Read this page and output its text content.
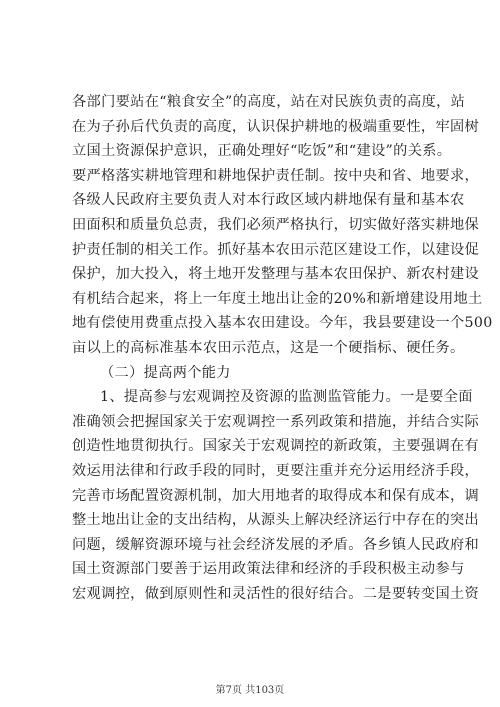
各部门要站在“粮食安全”的高度，站在对民族负责的高度，站
在为子孙后代负责的高度，认识保护耕地的极端重要性，牢固树
立国土资源保护意识，正确处理好“吃饭”和“建设”的关系。
要严格落实耕地管理和耕地保护责任制。按中央和省、地要求，
各级人民政府主要负责人对本行政区域内耕地保有量和基本农
田面积和质量负总责，我们必须严格执行，切实做好落实耕地保
护责任制的相关工作。抓好基本农田示范区建设工作，以建设促
保护，加大投入，将土地开发整理与基本农田保护、新农村建设
有机结合起来，将上一年度土地出让金的20%和新增建设用地土
地有偿使用费重点投入基本农田建设。今年，我县要建设一个500
亩以上的高标准基本农田示范点，这是一个硬指标、硬任务。
（二）提高两个能力
1、提高参与宏观调控及资源的监测监管能力。一是要全面
准确领会把握国家关于宏观调控一系列政策和措施，并结合实际
创造性地贯彻执行。国家关于宏观调控的新政策，主要强调在有
效运用法律和行政手段的同时，更要注重并充分运用经济手段，
完善市场配置资源机制，加大用地者的取得成本和保有成本，调
整土地出让金的支出结构，从源头上解决经济运行中存在的突出
问题，缓解资源环境与社会经济发展的矛盾。各乡镇人民政府和
国土资源部门要善于运用政策法律和经济的手段积极主动参与
宏观调控，做到原则性和灵活性的很好结合。二是要转变国土资
第7页 共103页
